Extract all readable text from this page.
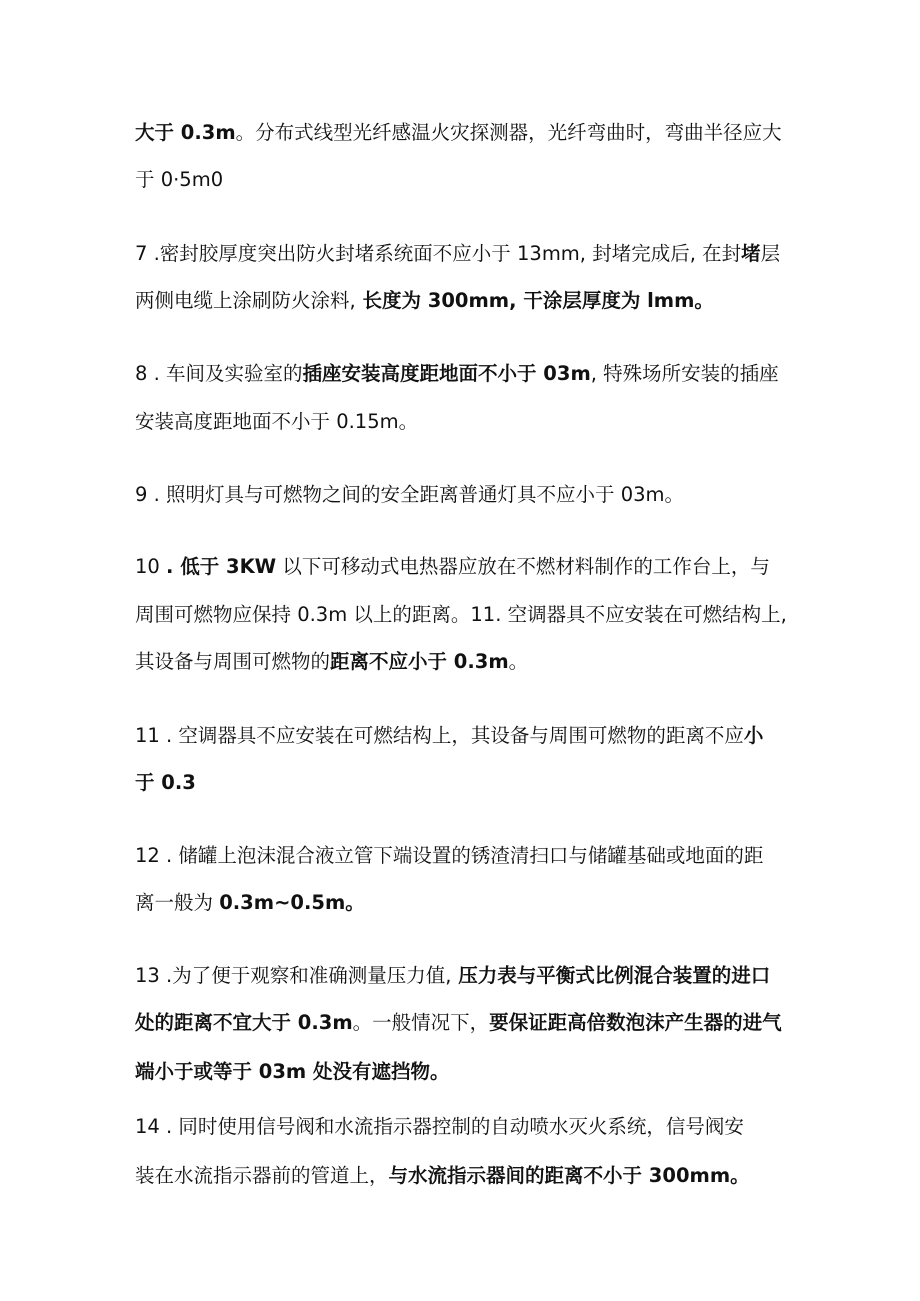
大于 0.3m。分布式线型光纤感温火灾探测器，光纤弯曲时，弯曲半径应大
于 0·5m0
7 .密封胶厚度突出防火封堵系统面不应小于 13mm, 封堵完成后, 在封堵层
两侧电缆上涂刷防火涂料, 长度为 300mm, 干涂层厚度为 lmm。
8 . 车间及实验室的插座安装高度距地面不小于 03m, 特殊场所安装的插座
安装高度距地面不小于 0.15m。
9 . 照明灯具与可燃物之间的安全距离普通灯具不应小于 03m。
10 . 低于 3KW 以下可移动式电热器应放在不燃材料制作的工作台上，与
周围可燃物应保持 0.3m 以上的距离。11. 空调器具不应安装在可燃结构上,
其设备与周围可燃物的距离不应小于 0.3m。
11 . 空调器具不应安装在可燃结构上，其设备与周围可燃物的距离不应小
于 0.3
12 . 储罐上泡沫混合液立管下端设置的锈渣清扫口与储罐基础或地面的距
离一般为 0.3m~0.5m。
13 .为了便于观察和准确测量压力值, 压力表与平衡式比例混合装置的进口
处的距离不宜大于 0.3m。一般情况下，要保证距高倍数泡沫产生器的进气
端小于或等于 03m 处没有遮挡物。
14 . 同时使用信号阀和水流指示器控制的自动喷水灭火系统，信号阀安
装在水流指示器前的管道上，与水流指示器间的距离不小于 300mm。
